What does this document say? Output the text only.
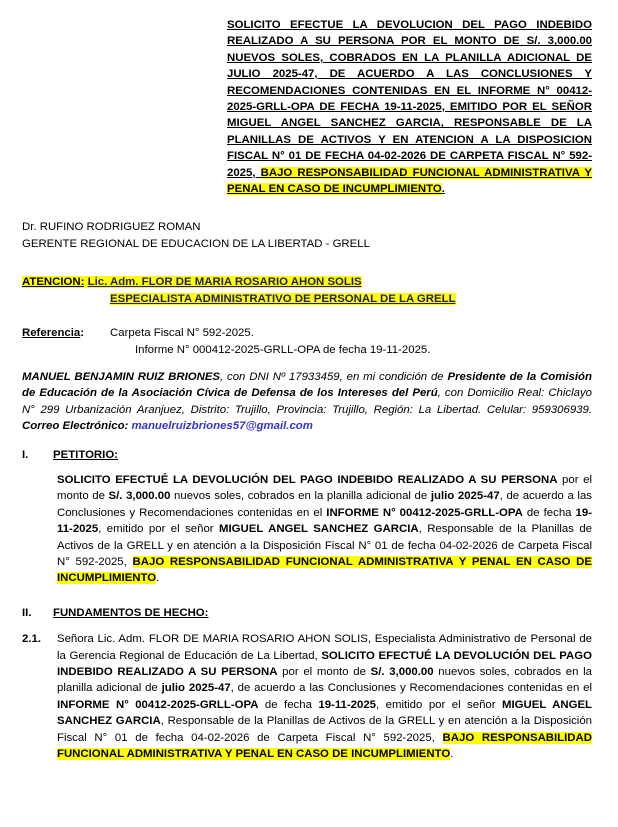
SOLICITO EFECTUE LA DEVOLUCION DEL PAGO INDEBIDO REALIZADO A SU PERSONA POR EL MONTO DE S/. 3,000.00 NUEVOS SOLES, COBRADOS EN LA PLANILLA ADICIONAL DE JULIO 2025-47, DE ACUERDO A LAS CONCLUSIONES Y RECOMENDACIONES CONTENIDAS EN EL INFORME N° 00412-2025-GRLL-OPA DE FECHA 19-11-2025, EMITIDO POR EL SEÑOR MIGUEL ANGEL SANCHEZ GARCIA, RESPONSABLE DE LA PLANILLAS DE ACTIVOS Y EN ATENCION A LA DISPOSICION FISCAL N° 01 DE FECHA 04-02-2026 DE CARPETA FISCAL N° 592-2025, BAJO RESPONSABILIDAD FUNCIONAL ADMINISTRATIVA Y PENAL EN CASO DE INCUMPLIMIENTO.

Dr. RUFINO RODRIGUEZ ROMAN
GERENTE REGIONAL DE EDUCACION DE LA LIBERTAD - GRELL
ATENCION: Lic. Adm. FLOR DE MARIA ROSARIO AHON SOLIS
ESPECIALISTA ADMINISTRATIVO DE PERSONAL DE LA GRELL
Referencia: Carpeta Fiscal N° 592-2025.
Informe N° 000412-2025-GRLL-OPA de fecha 19-11-2025.

MANUEL BENJAMIN RUIZ BRIONES, con DNI Nº 17933459, en mi condición de Presidente de la Comisión de Educación de la Asociación Cívica de Defensa de los Intereses del Perú, con Domicilio Real: Chiclayo N° 299 Urbanización Aranjuez, Distrito: Trujillo, Provincia: Trujillo, Región: La Libertad. Celular: 959306939. Correo Electrónico: manuelruizbriones57@gmail.com

I. PETITORIO:

SOLICITO EFECTUÉ LA DEVOLUCIÓN DEL PAGO INDEBIDO REALIZADO A SU PERSONA por el monto de S/. 3,000.00 nuevos soles, cobrados en la planilla adicional de julio 2025-47, de acuerdo a las Conclusiones y Recomendaciones contenidas en el INFORME N° 00412-2025-GRLL-OPA de fecha 19-11-2025, emitido por el señor MIGUEL ANGEL SANCHEZ GARCIA, Responsable de la Planillas de Activos de la GRELL y en atención a la Disposición Fiscal N° 01 de fecha 04-02-2026 de Carpeta Fiscal N° 592-2025, BAJO RESPONSABILIDAD FUNCIONAL ADMINISTRATIVA Y PENAL EN CASO DE INCUMPLIMIENTO.

II. FUNDAMENTOS DE HECHO:

2.1. Señora Lic. Adm. FLOR DE MARIA ROSARIO AHON SOLIS, Especialista Administrativo de Personal de la Gerencia Regional de Educación de La Libertad, SOLICITO EFECTUÉ LA DEVOLUCIÓN DEL PAGO INDEBIDO REALIZADO A SU PERSONA por el monto de S/. 3,000.00 nuevos soles, cobrados en la planilla adicional de julio 2025-47, de acuerdo a las Conclusiones y Recomendaciones contenidas en el INFORME N° 00412-2025-GRLL-OPA de fecha 19-11-2025, emitido por el señor MIGUEL ANGEL SANCHEZ GARCIA, Responsable de la Planillas de Activos de la GRELL y en atención a la Disposición Fiscal N° 01 de fecha 04-02-2026 de Carpeta Fiscal N° 592-2025, BAJO RESPONSABILIDAD FUNCIONAL ADMINISTRATIVA Y PENAL EN CASO DE INCUMPLIMIENTO.
